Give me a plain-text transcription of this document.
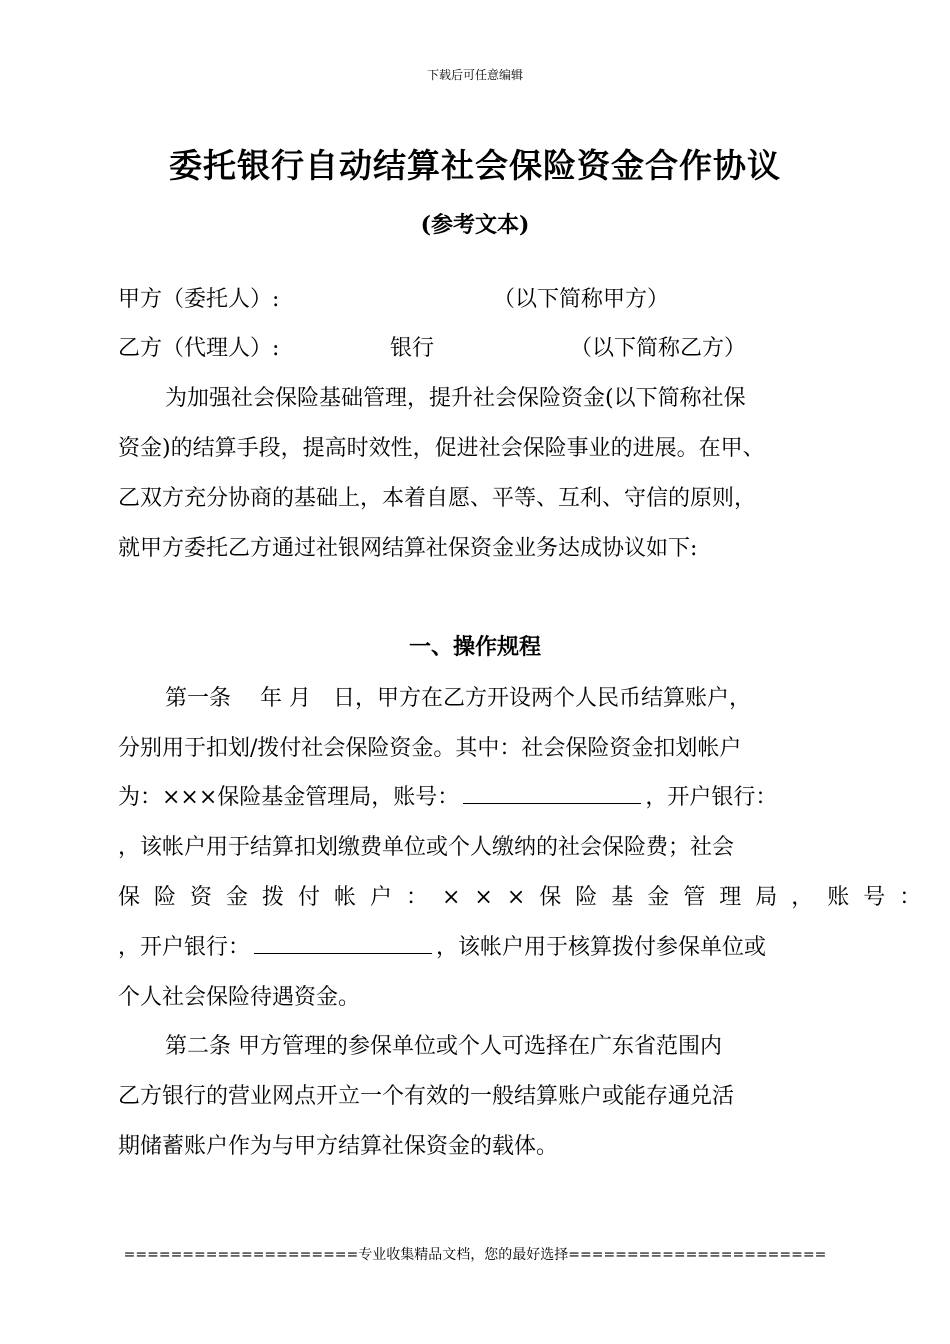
下载后可任意编辑
委托银行自动结算社会保险资金合作协议
(参考文本)
甲方（委托人）:	（以下简称甲方）
乙方（代理人）:	银行	（以下简称乙方）
为加强社会保险基础管理，提升社会保险资金(以下简称社保
资金)的结算手段，提高时效性，促进社会保险事业的进展。在甲、
乙双方充分协商的基础上，本着自愿、平等、互利、守信的原则，
就甲方委托乙方通过社银网结算社保资金业务达成协议如下:
一、操作规程
第一条　 年 月　日，甲方在乙方开设两个人民币结算账户，
分别用于扣划/拨付社会保险资金。其中：社会保险资金扣划帐户
为：×××保险基金管理局，账号：	，开户银行：
，该帐户用于结算扣划缴费单位或个人缴纳的社会保险费；社会
保险资金拨付帐户：×××保险基金管理局，账号：
，开户银行：	，该帐户用于核算拨付参保单位或
个人社会保险待遇资金。
第二条 甲方管理的参保单位或个人可选择在广东省范围内
乙方银行的营业网点开立一个有效的一般结算账户或能存通兑活
期储蓄账户作为与甲方结算社保资金的载体。
====================专业收集精品文档，您的最好选择======================
